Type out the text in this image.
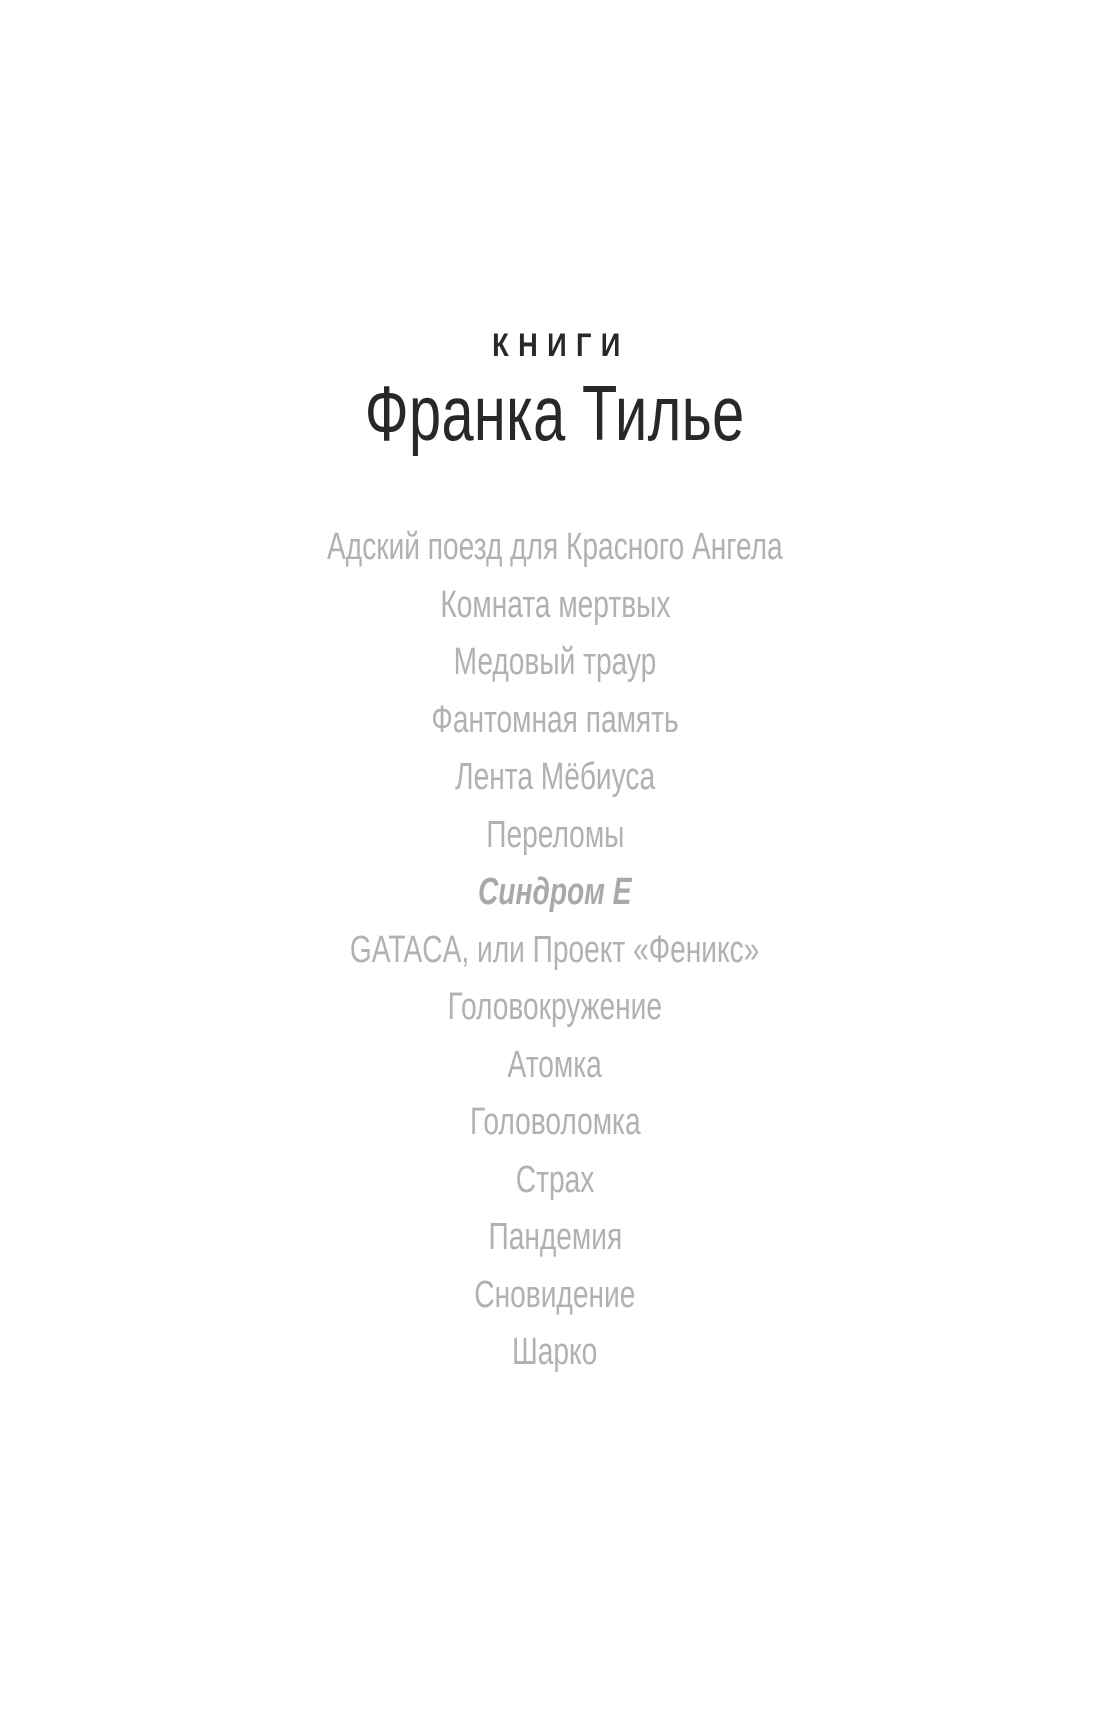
КНИГИ
Франка Тилье
Адский поезд для Красного Ангела
Комната мертвых
Медовый траур
Фантомная память
Лента Мёбиуса
Переломы
Синдром Е
GATACA, или Проект «Феникс»
Головокружение
Атомка
Головоломка
Страх
Пандемия
Сновидение
Шарко
